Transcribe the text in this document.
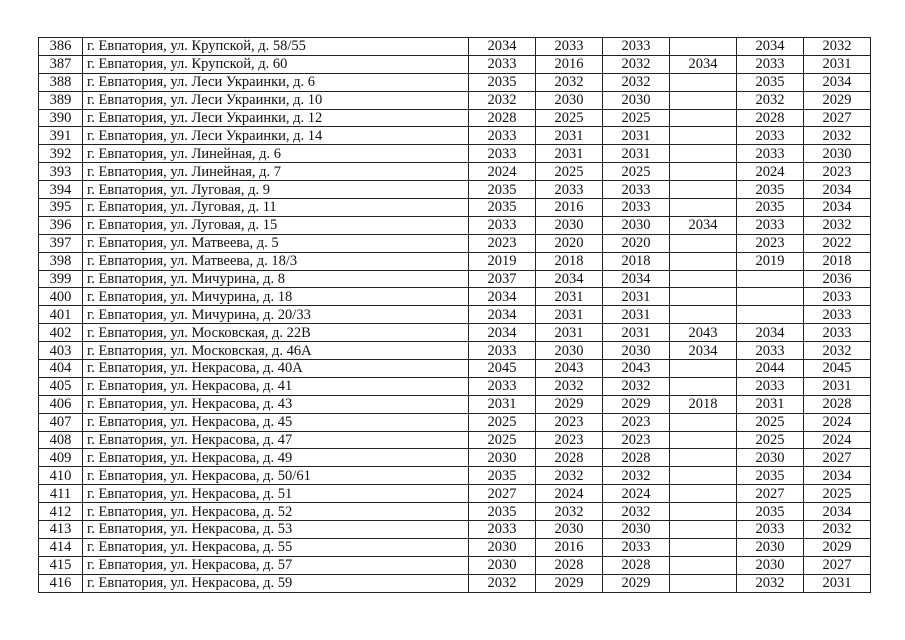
386	г. Евпатория, ул. Крупской, д. 58/55	2034	2033	2033		2034	2032
387	г. Евпатория, ул. Крупской, д. 60	2033	2016	2032	2034	2033	2031
388	г. Евпатория, ул. Леси Украинки, д. 6	2035	2032	2032		2035	2034
389	г. Евпатория, ул. Леси Украинки, д. 10	2032	2030	2030		2032	2029
390	г. Евпатория, ул. Леси Украинки, д. 12	2028	2025	2025		2028	2027
391	г. Евпатория, ул. Леси Украинки, д. 14	2033	2031	2031		2033	2032
392	г. Евпатория, ул. Линейная, д. 6	2033	2031	2031		2033	2030
393	г. Евпатория, ул. Линейная, д. 7	2024	2025	2025		2024	2023
394	г. Евпатория, ул. Луговая, д. 9	2035	2033	2033		2035	2034
395	г. Евпатория, ул. Луговая, д. 11	2035	2016	2033		2035	2034
396	г. Евпатория, ул. Луговая, д. 15	2033	2030	2030	2034	2033	2032
397	г. Евпатория, ул. Матвеева, д. 5	2023	2020	2020		2023	2022
398	г. Евпатория, ул. Матвеева, д. 18/3	2019	2018	2018		2019	2018
399	г. Евпатория, ул. Мичурина, д. 8	2037	2034	2034			2036
400	г. Евпатория, ул. Мичурина, д. 18	2034	2031	2031			2033
401	г. Евпатория, ул. Мичурина, д. 20/33	2034	2031	2031			2033
402	г. Евпатория, ул. Московская, д. 22В	2034	2031	2031	2043	2034	2033
403	г. Евпатория, ул. Московская, д. 46А	2033	2030	2030	2034	2033	2032
404	г. Евпатория, ул. Некрасова, д. 40А	2045	2043	2043		2044	2045
405	г. Евпатория, ул. Некрасова, д. 41	2033	2032	2032		2033	2031
406	г. Евпатория, ул. Некрасова, д. 43	2031	2029	2029	2018	2031	2028
407	г. Евпатория, ул. Некрасова, д. 45	2025	2023	2023		2025	2024
408	г. Евпатория, ул. Некрасова, д. 47	2025	2023	2023		2025	2024
409	г. Евпатория, ул. Некрасова, д. 49	2030	2028	2028		2030	2027
410	г. Евпатория, ул. Некрасова, д. 50/61	2035	2032	2032		2035	2034
411	г. Евпатория, ул. Некрасова, д. 51	2027	2024	2024		2027	2025
412	г. Евпатория, ул. Некрасова, д. 52	2035	2032	2032		2035	2034
413	г. Евпатория, ул. Некрасова, д. 53	2033	2030	2030		2033	2032
414	г. Евпатория, ул. Некрасова, д. 55	2030	2016	2033		2030	2029
415	г. Евпатория, ул. Некрасова, д. 57	2030	2028	2028		2030	2027
416	г. Евпатория, ул. Некрасова, д. 59	2032	2029	2029		2032	2031
